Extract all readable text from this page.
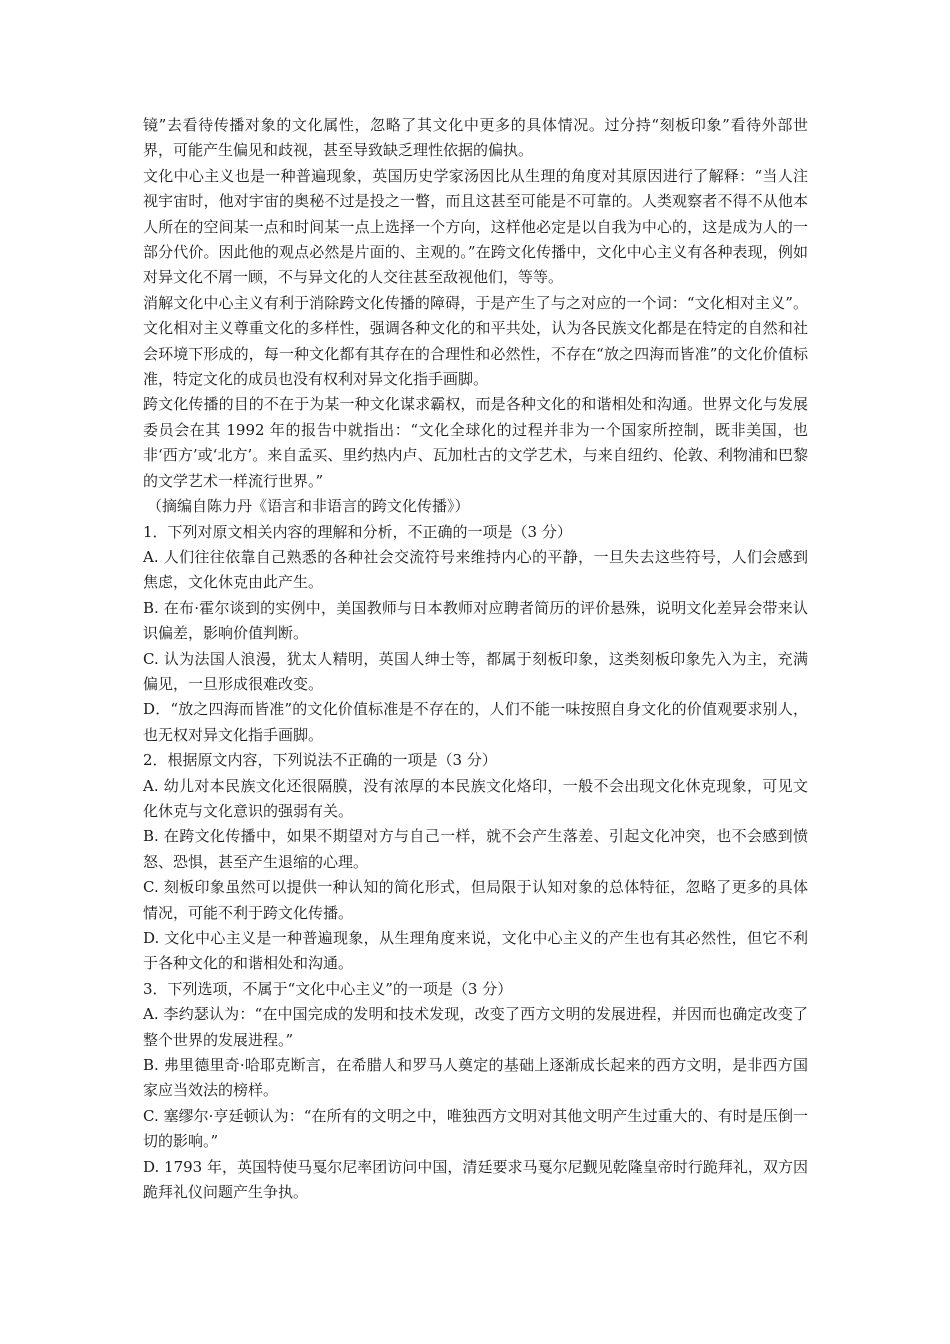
镜”去看待传播对象的文化属性，忽略了其文化中更多的具体情况。过分持“刻板印象”看待外部世界，可能产生偏见和歧视，甚至导致缺乏理性依据的偏执。

文化中心主义也是一种普遍现象，英国历史学家汤因比从生理的角度对其原因进行了解释：“当人注视宇宙时，他对宇宙的奥秘不过是投之一瞥，而且这甚至可能是不可靠的。人类观察者不得不从他本人所在的空间某一点和时间某一点上选择一个方向，这样他必定是以自我为中心的，这是成为人的一部分代价。因此他的观点必然是片面的、主观的。”在跨文化传播中，文化中心主义有各种表现，例如对异文化不屑一顾，不与异文化的人交往甚至敌视他们，等等。

消解文化中心主义有利于消除跨文化传播的障碍，于是产生了与之对应的一个词：“文化相对主义”。文化相对主义尊重文化的多样性，强调各种文化的和平共处，认为各民族文化都是在特定的自然和社会环境下形成的，每一种文化都有其存在的合理性和必然性，不存在“放之四海而皆准”的文化价值标准，特定文化的成员也没有权利对异文化指手画脚。

跨文化传播的目的不在于为某一种文化谋求霸权，而是各种文化的和谐相处和沟通。世界文化与发展委员会在其 1992 年的报告中就指出：“文化全球化的过程并非为一个国家所控制，既非美国，也非‘西方’或‘北方’。来自孟买、里约热内卢、瓦加杜古的文学艺术，与来自纽约、伦敦、利物浦和巴黎的文学艺术一样流行世界。”

（摘编自陈力丹《语言和非语言的跨文化传播》）

1．下列对原文相关内容的理解和分析，不正确的一项是（3 分）

A. 人们往往依靠自己熟悉的各种社会交流符号来维持内心的平静，一旦失去这些符号，人们会感到焦虑，文化休克由此产生。

B. 在布·霍尔谈到的实例中，美国教师与日本教师对应聘者简历的评价悬殊，说明文化差异会带来认识偏差，影响价值判断。

C. 认为法国人浪漫，犹太人精明，英国人绅士等，都属于刻板印象，这类刻板印象先入为主，充满偏见，一旦形成很难改变。

D．“放之四海而皆准”的文化价值标准是不存在的，人们不能一味按照自身文化的价值观要求别人，也无权对异文化指手画脚。

2．根据原文内容，下列说法不正确的一项是（3 分）

A. 幼儿对本民族文化还很隔膜，没有浓厚的本民族文化烙印，一般不会出现文化休克现象，可见文化休克与文化意识的强弱有关。

B. 在跨文化传播中，如果不期望对方与自己一样，就不会产生落差、引起文化冲突，也不会感到愤怒、恐惧，甚至产生退缩的心理。

C. 刻板印象虽然可以提供一种认知的简化形式，但局限于认知对象的总体特征，忽略了更多的具体情况，可能不利于跨文化传播。

D. 文化中心主义是一种普遍现象，从生理角度来说，文化中心主义的产生也有其必然性，但它不利于各种文化的和谐相处和沟通。

3．下列选项，不属于“文化中心主义”的一项是（3 分）

A. 李约瑟认为：“在中国完成的发明和技术发现，改变了西方文明的发展进程，并因而也确定改变了整个世界的发展进程。”

B. 弗里德里奇·哈耶克断言，在希腊人和罗马人奠定的基础上逐渐成长起来的西方文明，是非西方国家应当效法的榜样。

C. 塞缪尔·亨廷顿认为：“在所有的文明之中，唯独西方文明对其他文明产生过重大的、有时是压倒一切的影响。”

D. 1793 年，英国特使马戛尔尼率团访问中国，清廷要求马戛尔尼觐见乾隆皇帝时行跪拜礼，双方因跪拜礼仪问题产生争执。
